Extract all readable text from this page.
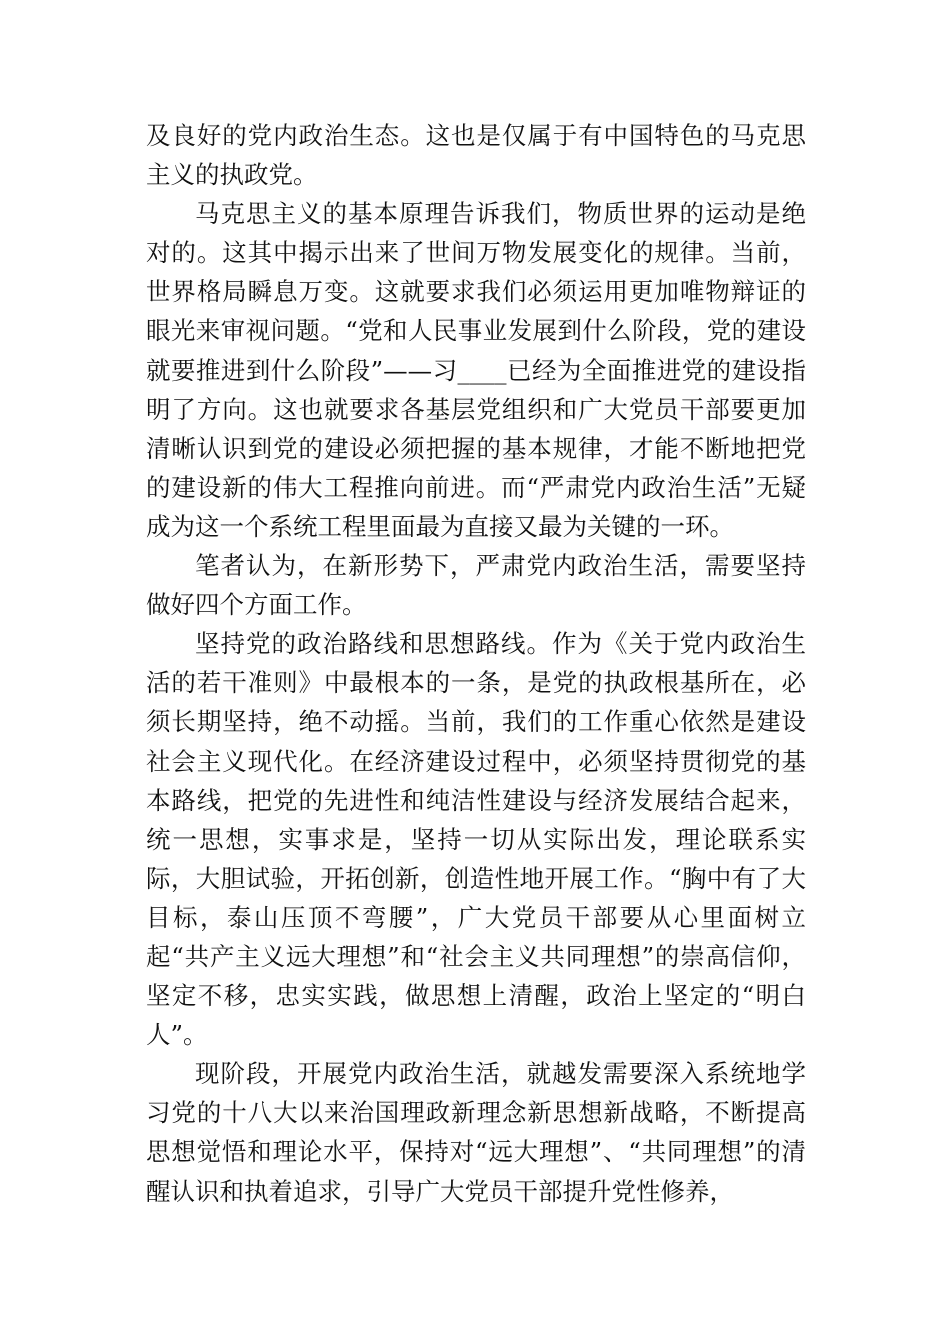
及良好的党内政治生态。这也是仅属于有中国特色的马克思主义的执政党。

马克思主义的基本原理告诉我们，物质世界的运动是绝对的。这其中揭示出来了世间万物发展变化的规律。当前，世界格局瞬息万变。这就要求我们必须运用更加唯物辩证的眼光来审视问题。“党和人民事业发展到什么阶段，党的建设就要推进到什么阶段”——习____已经为全面推进党的建设指明了方向。这也就要求各基层党组织和广大党员干部要更加清晰认识到党的建设必须把握的基本规律，才能不断地把党的建设新的伟大工程推向前进。而“严肃党内政治生活”无疑成为这一个系统工程里面最为直接又最为关键的一环。

笔者认为，在新形势下，严肃党内政治生活，需要坚持做好四个方面工作。

坚持党的政治路线和思想路线。作为《关于党内政治生活的若干准则》中最根本的一条，是党的执政根基所在，必须长期坚持，绝不动摇。当前，我们的工作重心依然是建设社会主义现代化。在经济建设过程中，必须坚持贯彻党的基本路线，把党的先进性和纯洁性建设与经济发展结合起来，统一思想，实事求是，坚持一切从实际出发，理论联系实际，大胆试验，开拓创新，创造性地开展工作。“胸中有了大目标，泰山压顶不弯腰”，广大党员干部要从心里面树立起“共产主义远大理想”和“社会主义共同理想”的崇高信仰，坚定不移，忠实实践，做思想上清醒，政治上坚定的“明白人”。

现阶段，开展党内政治生活，就越发需要深入系统地学习党的十八大以来治国理政新理念新思想新战略，不断提高思想觉悟和理论水平，保持对“远大理想”、“共同理想”的清醒认识和执着追求，引导广大党员干部提升党性修养，
